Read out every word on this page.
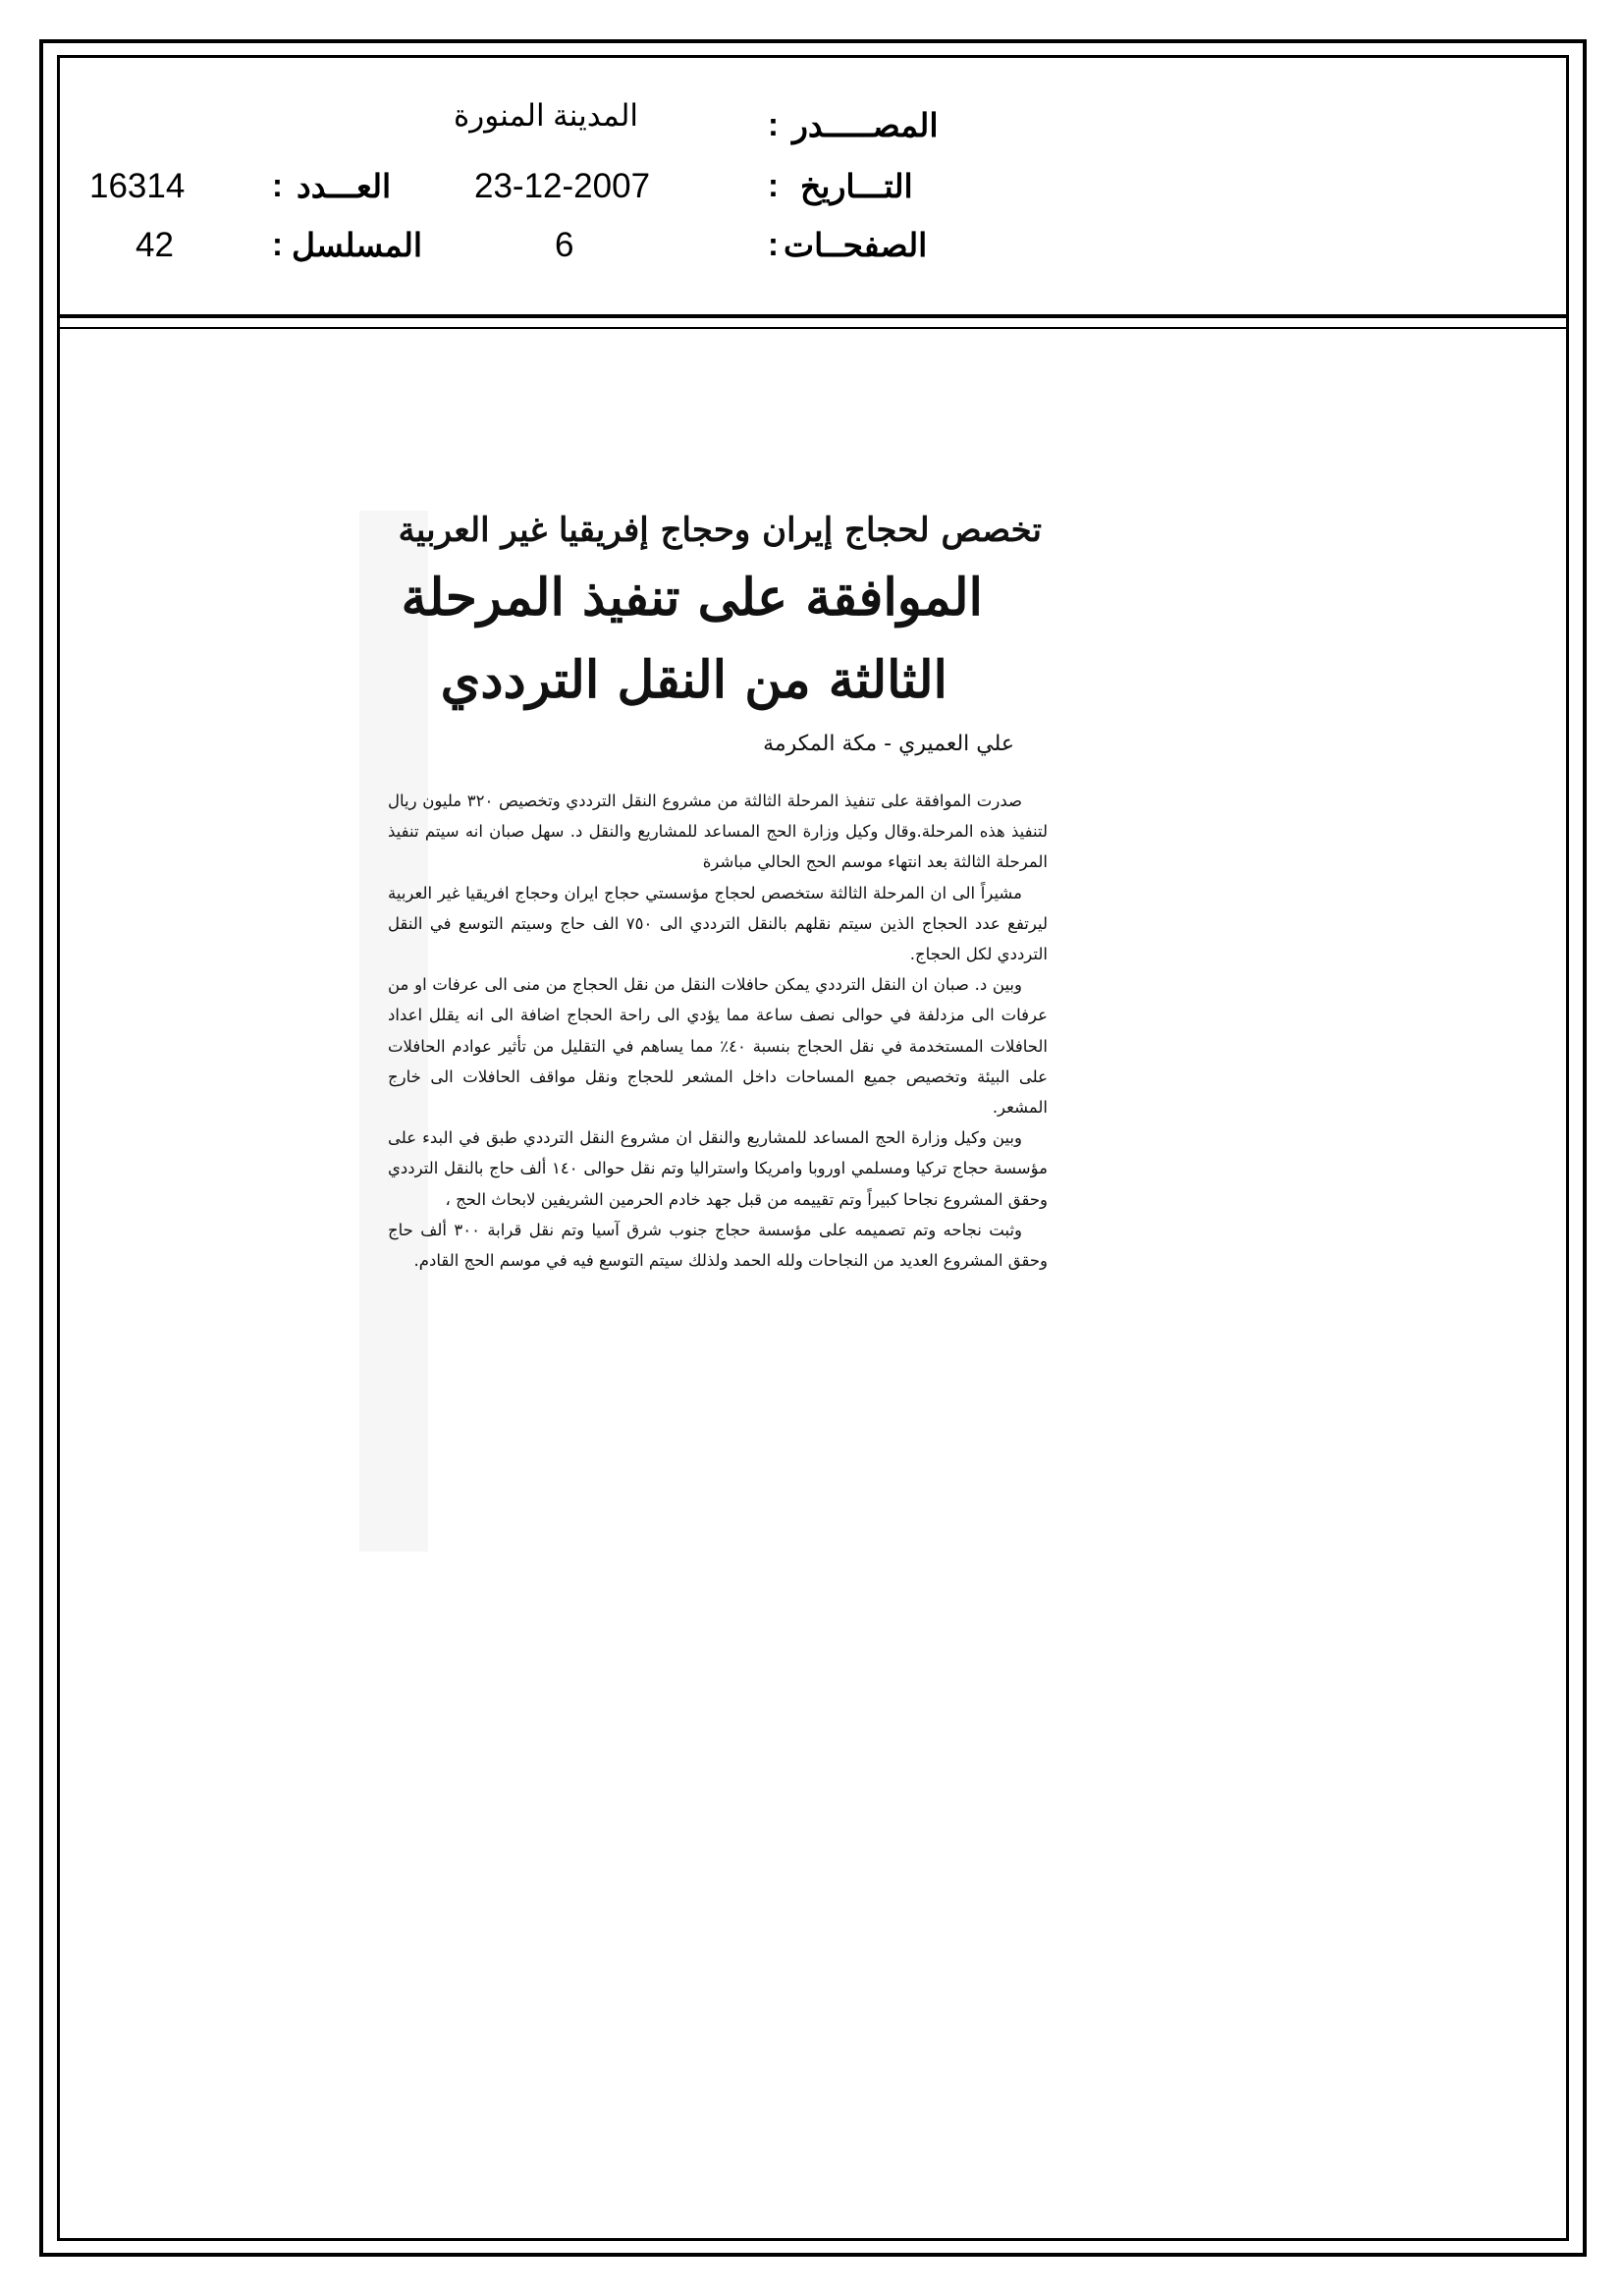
المصـــــدر
:
المدينة المنورة
التـــاريخ
:
23-12-2007
العـــدد
:
16314
الصفحــات
:
6
المسلسل
:
42
تخصص لحجاج إيران وحجاج إفريقيا غير العربية
الموافقة على تنفيذ المرحلة
الثالثة من النقل الترددي
علي العميري - مكة المكرمة

صدرت الموافقة على تنفيذ المرحلة الثالثة من مشروع النقل الترددي وتخصيص ٣٢٠ مليون ريال لتنفيذ هذه المرحلة.وقال وكيل وزارة الحج المساعد للمشاريع والنقل د. سهل صبان انه سيتم تنفيذ المرحلة الثالثة بعد انتهاء موسم الحج الحالي مباشرة

مشيراً الى ان المرحلة الثالثة ستخصص لحجاج مؤسستي حجاج ايران وحجاج افريقيا غير العربية ليرتفع عدد الحجاج الذين سيتم نقلهم بالنقل الترددي الى ٧٥٠ الف حاج وسيتم التوسع في النقل الترددي لكل الحجاج.

وبين د. صبان ان النقل الترددي يمكن حافلات النقل من نقل الحجاج من منى الى عرفات او من عرفات الى مزدلفة في حوالى نصف ساعة مما يؤدي الى راحة الحجاج اضافة الى انه يقلل اعداد الحافلات المستخدمة في نقل الحجاج بنسبة ٤٠٪ مما يساهم في التقليل من تأثير عوادم الحافلات على البيئة وتخصيص جميع المساحات داخل المشعر للحجاج ونقل مواقف الحافلات الى خارج المشعر.

وبين وكيل وزارة الحج المساعد للمشاريع والنقل ان مشروع النقل الترددي طبق في البدء على مؤسسة حجاج تركيا ومسلمي اوروبا وامريكا واستراليا وتم نقل حوالى ١٤٠ ألف حاج بالنقل الترددي وحقق المشروع نجاحا كبيراً وتم تقييمه من قبل جهد خادم الحرمين الشريفين لابحاث الحج ،

وثبت نجاحه وتم تصميمه على مؤسسة حجاج جنوب شرق آسيا وتم نقل قرابة ٣٠٠ ألف حاج وحقق المشروع العديد من النجاحات ولله الحمد ولذلك سيتم التوسع فيه في موسم الحج القادم.
